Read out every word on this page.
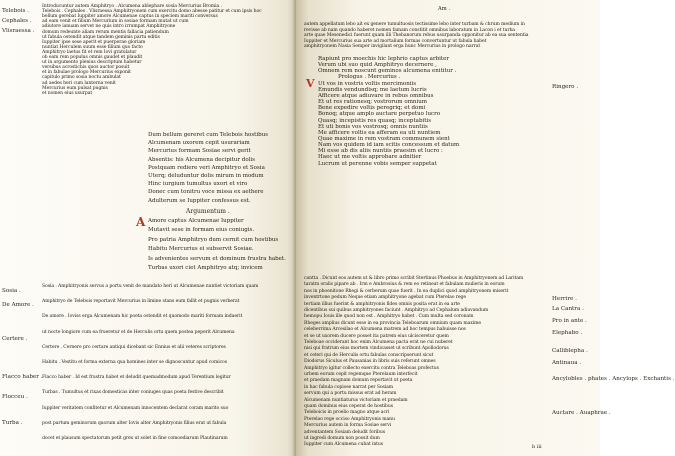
Introducuntur autem Amphitryo . Alcumena ablephare sosia Mercurius Bromia .
Telebois . Cephales . Vlisraessa Amphitryonem cum exercitu domo abesse patitur et cum ipsis hoc
bellum gerebat Iuppiter amore Alcumenae captus in speciem mariti conversus
ad eam venit et filium Mercurium in sosiae formam mutat ut cum
adiutore ianuam servet ne quis intro irrumpat Amphitryone
domum redeunte aliam rerum mentis fallacia patiendum
ut fabula ostendit atque tandem geminis partu editis
Iuppiter ipse sese aperit et puerperae gloriam
nuntiat Herculem suum esse filium quo facto
Amphitryo laetus fit et rem Iovi gratulatur
ob eam rem populus omnis gaudet et plaudit
ut in argumento plenius descriptum habetur
versibus acrostichis quos auctor posuit
et in fabulae prologo Mercurius exponit
capitulo primo sosia noctu ambulat
ad aedes heri cum lanterna venit
Mercurius eum pulsat pugnis
et nomen eius usurpat
Telebois .
Cephales .
Vlisraessa .
Sosia .
De Amore .
Certere .
Flacco haber .
Flocceu .
Turba .
Dum bellum gereret cum Telebois hostibus
Alcumenam uxorem cepit usurariam
Mercurius formam Sosiae servi gerit
Absentis: his Alcumena decipitur dolis
Postquam rediere veri Amphitryo et Sosia
Uterq; deluduntur dolis mirum in modum
Hinc iurgium tumultus uxori et viro
Donec cum tonitru voce missa ex aethere
Adulterum se Iuppiter confessus est.
Argumentum .
Amore captus Alcumenae Iuppiter
Mutavit sese in formam eius coniugis.
Pro patria Amphitryo dum cernit cum hostibus
Habitu Mercurius ei subservit Sosiae.
Is advenientes servum et dominum frustra habet.
Turbas uxori ciet Amphitryo atq; invicem
A
Sosia . Amphitryonis servus a portu venit de mandato heri ut Alcumenae nuntiet victoriam quam
Amphitryo de Telebois reportavit Mercurius in limine stans eum fallit et pugnis verberat
De amore . Ioviss erga Alcumenam hic poeta ostendit et quomodo mariti formam induerit
ut nocte longiore cum ea frueretur et de Herculis ortu quem postea peperit Alcumena
Certere . Cernere pro certare antiqui dicebant sic Ennius et alii veteres scriptores
Habitu . Vestitu et forma externa qua homines inter se dignoscuntur apud comicos
Flacco haber . Id est frustra habet et deludit quemadmodum apud Terentium legitur
Turbas . Tumultus et rixas domesticas inter coniuges quas poeta festive describit
Iuppiter veritatem confitetur et Alcumenam innocentem declarat coram marito suo
post partum geminorum quorum alter Iovis alter Amphitryonis filius erat ut fabula
docet et plausum spectatorum petit grex ut solet in fine comoediarum Plautinarum
Am .
autem appellatum lebo ait ex genere tumultuosis tectissime lebo inter turbam & chrum medium in
revisse ab nam quando haberet nomen famam constitit omnibus laboratum in Lacon i et turba
arte quae Mesenedici fuerunt quam illi Thebanorum rebus usurpanda opponitur ab ea sua sententia
Iuppiter et Mercurius sua arte ad mortalium formas convertuntur ut fabula habet
amphitryonem Nasia Semper invigilant erga hunc Mercurius in prologo narrat
Rapiunt pro moechis hic lephrio captus arbiter
Verum ubi suo quid Amphitryo decernere ,
Omnem rem noscunt geminos alcumena enititur .
Prologus . Mercurius .
Ut vos in vostris voltis mercimoniis
Emundis vendundisq; me laetum lucris
Afficere atque adiuvare in rebus omnibus
Et ut res rationesq; vostrorum omnium
Bene expedire voltis peregriq; et domi
Bonoq; atque amplo auctare perpetuo lucro
Quasq; incepistis res quasq; inceptabitis
Et uti bonis vos vostrosq; omnis nuntiis
Me afficere voltis ea afferam ea uti nuntiem
Quae maxime in rem vostram communem sient
Nam vos quidem id iam scitis concessum et datum
Mi esse ab dis aliis nuntiis praesim et lucro :
Haec ut me voltis approbare adnitier
Lucrum ut perenne vobis semper suppetat
V
cantta . Dicunt eos autem ut & libro primo scribit Stertinus Phoebus in Amphitryonem ad Laritam
taratm oralis pipare ab . Irm e Ambrosius & rem eo retineat et fabulam mulieris in eorum
nos in phoenitone Rhegi & cerberum quae fuerit . In ea duplici quod amphitryonem miserit
inventrtone pedum Neque etiam amphitryone agebat cum Pterelao rege
tertiam illius fuerint & amphitryonis fides omnis posita erat in ea arte
dicentibus sui quibus amphitryones faciunt . Amphitryo ad Cephalum adiuvandum
hemopu Iouis ille quod non est . Amphitryo habet . Cum multa sed coronam
Rheges amplius dicunt esse in ea provincia Teleboarum omnium quam maxime
celeberrima Arcesilao et Alcumena matrem ad hoc tempus habuisse nos
et se ut uxorem ducere posset ita patrem eius ulcisceretur quem
Teleboae occiderant hoc enim Alcumena pacta erat ne cui nuberet
nisi qui fratrum eius mortem vindicasset ut scribunt Apollodorus
et ceteri qui de Herculis ortu fabulas conscripserunt sicut
Diodorus Siculus et Pausanias in libris suis referunt omnes
Amphitryo igitur collecto exercitu contra Teleboas profectus
urbem eorum cepit regemque Pterelaum interfecit
et praedam magnam domum reportavit ut poeta
in hac fabula copiose narrat per Sosiam
servum qui a portu missus erat ad heram
Alcumenam nuntiaturus victoriam et praedam
quam dominus eius ceperat de hostibus
Teleboicis in proelio magno atque acri
Pterelao rege occiso Amphitryonis manu
Mercurius autem in forma Sosiae servi
adventantem Sosiam deludit foribus
ut ingredi domum non possit dum
Iuppiter cum Alcumena cubat intus
Ringero .
Herrire .
La Cantra .
Pro in ante .
Elephabo .
Calliblepha .
Antinaua .
Ancylobles . phates . Ancylops . Exchantis .
Auctare . Auaphrae .
b iii
